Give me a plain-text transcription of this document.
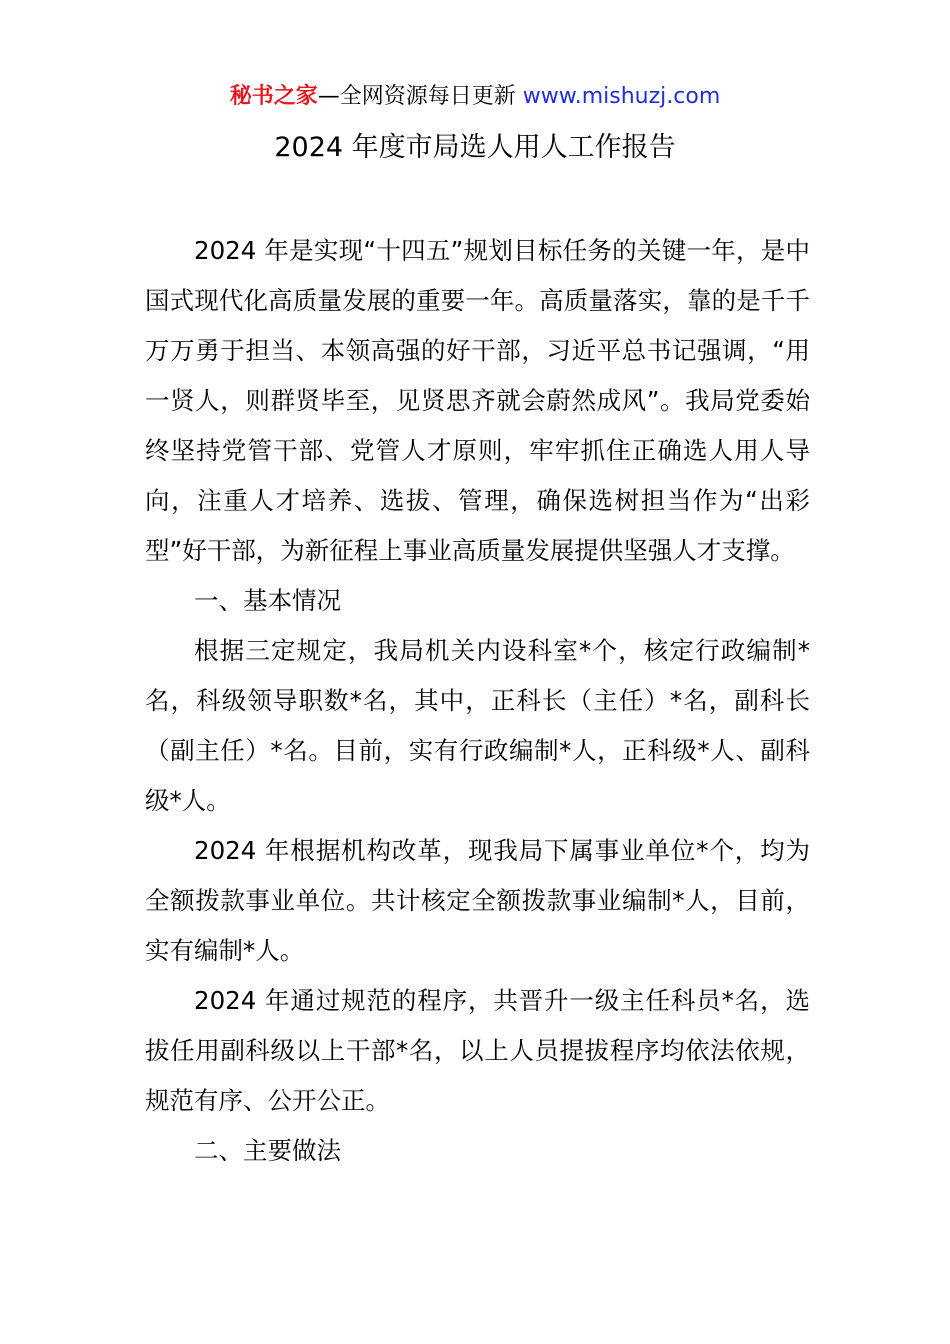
秘书之家—全网资源每日更新 www.mishuzj.com
2024 年度市局选人用人工作报告

2024 年是实现“十四五”规划目标任务的关键一年，是中国式现代化高质量发展的重要一年。高质量落实，靠的是千千万万勇于担当、本领高强的好干部，习近平总书记强调，“用一贤人，则群贤毕至，见贤思齐就会蔚然成风”。我局党委始终坚持党管干部、党管人才原则，牢牢抓住正确选人用人导向，注重人才培养、选拔、管理，确保选树担当作为“出彩型”好干部，为新征程上事业高质量发展提供坚强人才支撑。

一、基本情况

根据三定规定，我局机关内设科室*个，核定行政编制*名，科级领导职数*名，其中，正科长（主任）*名，副科长（副主任）*名。目前，实有行政编制*人，正科级*人、副科级*人。

2024 年根据机构改革，现我局下属事业单位*个，均为全额拨款事业单位。共计核定全额拨款事业编制*人，目前，实有编制*人。

2024 年通过规范的程序，共晋升一级主任科员*名，选拔任用副科级以上干部*名，以上人员提拔程序均依法依规，规范有序、公开公正。

二、主要做法
